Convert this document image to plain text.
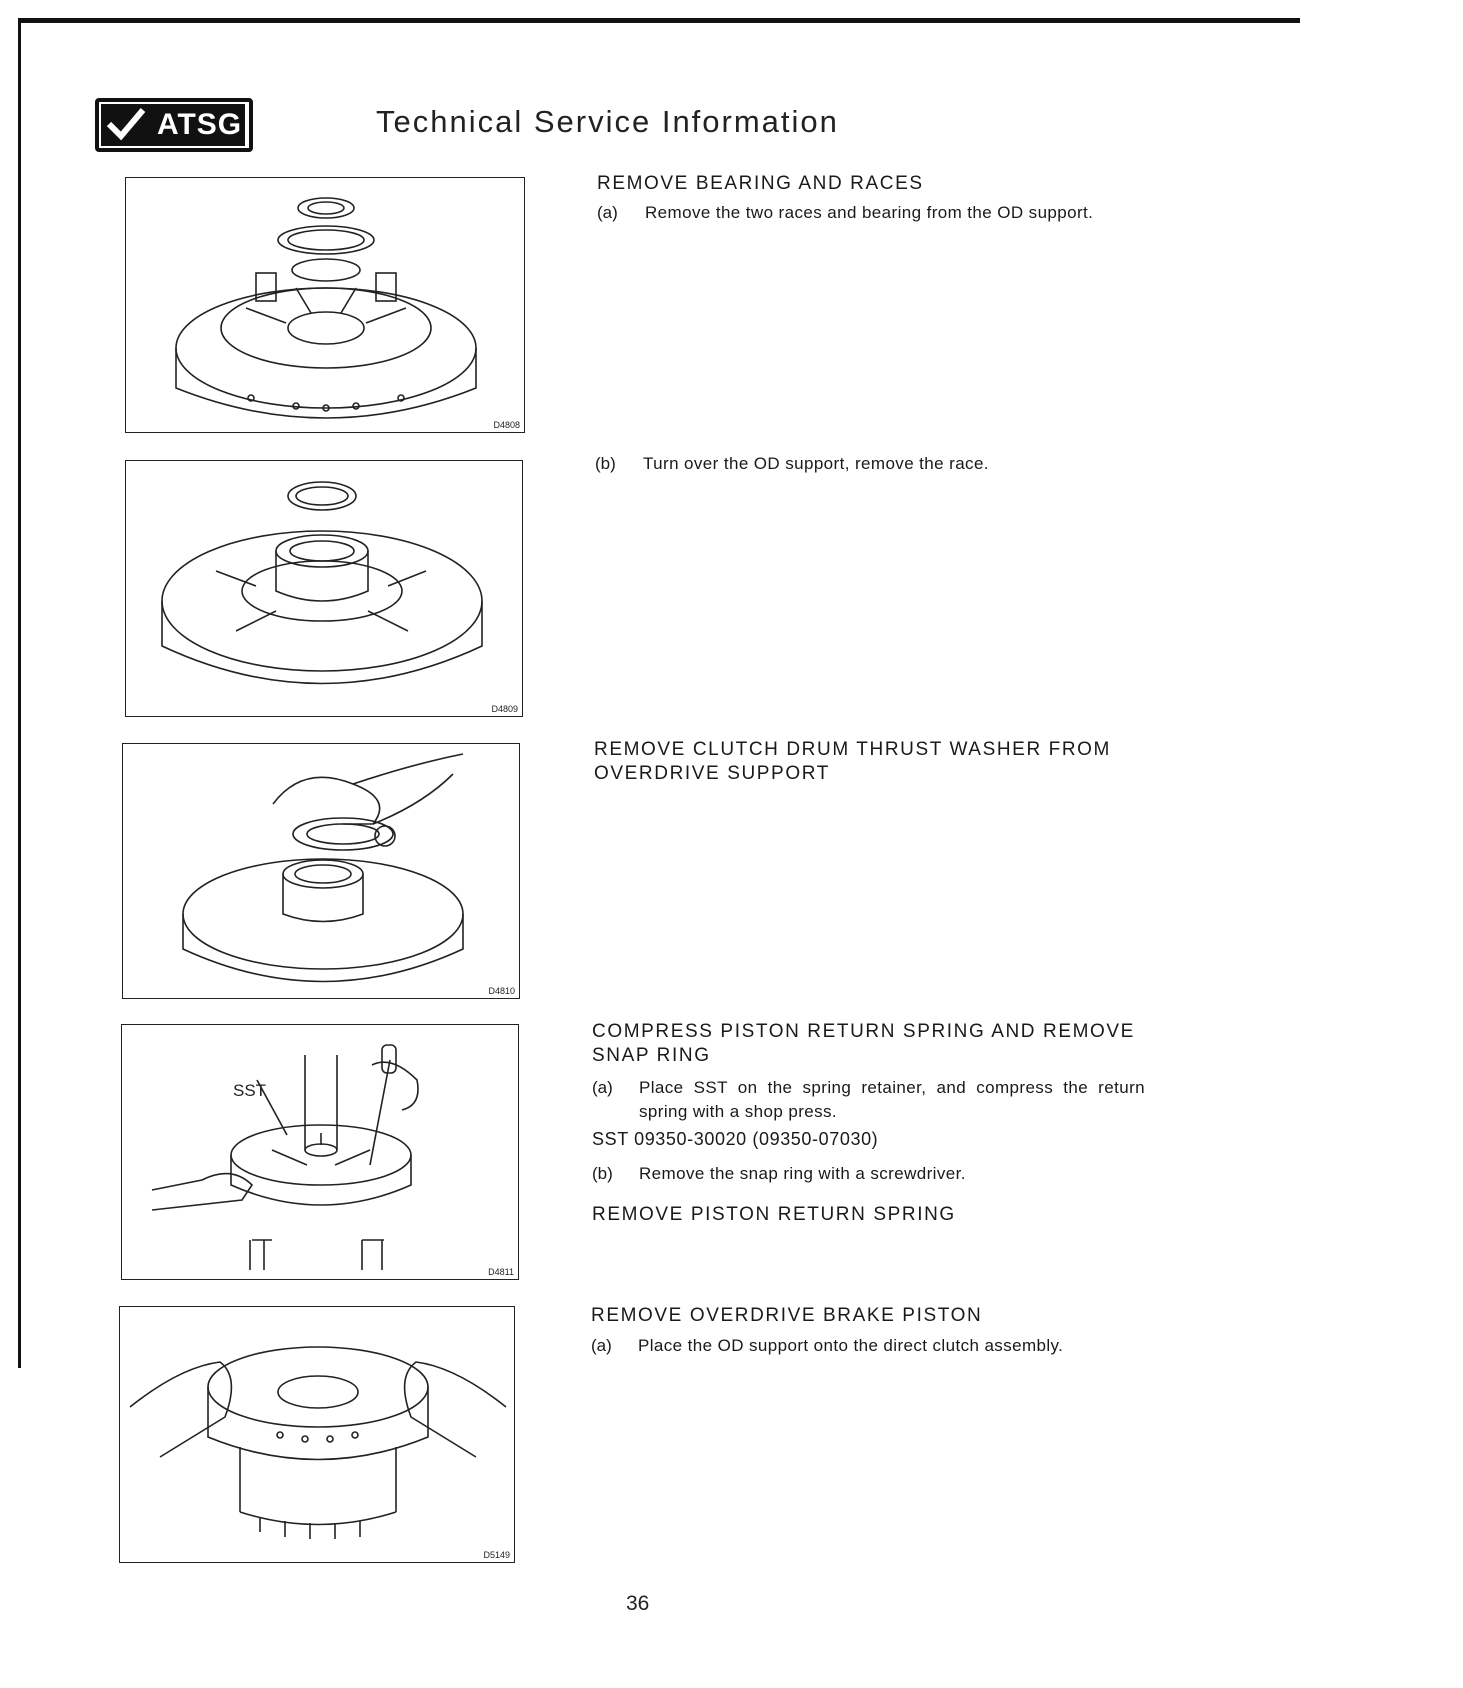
ATSG	Technical Service Information
D4808
D4809
D4810
SST
D4811
D5149
REMOVE BEARING AND RACES
(a) Remove the two races and bearing from the OD support.
(b) Turn over the OD support, remove the race.
REMOVE CLUTCH DRUM THRUST WASHER FROM OVERDRIVE SUPPORT
COMPRESS PISTON RETURN SPRING AND REMOVE SNAP RING
(a) Place SST on the spring retainer, and compress the return spring with a shop press.
SST 09350-30020 (09350-07030)
(b) Remove the snap ring with a screwdriver.
REMOVE PISTON RETURN SPRING
REMOVE OVERDRIVE BRAKE PISTON
(a) Place the OD support onto the direct clutch assembly.
36
